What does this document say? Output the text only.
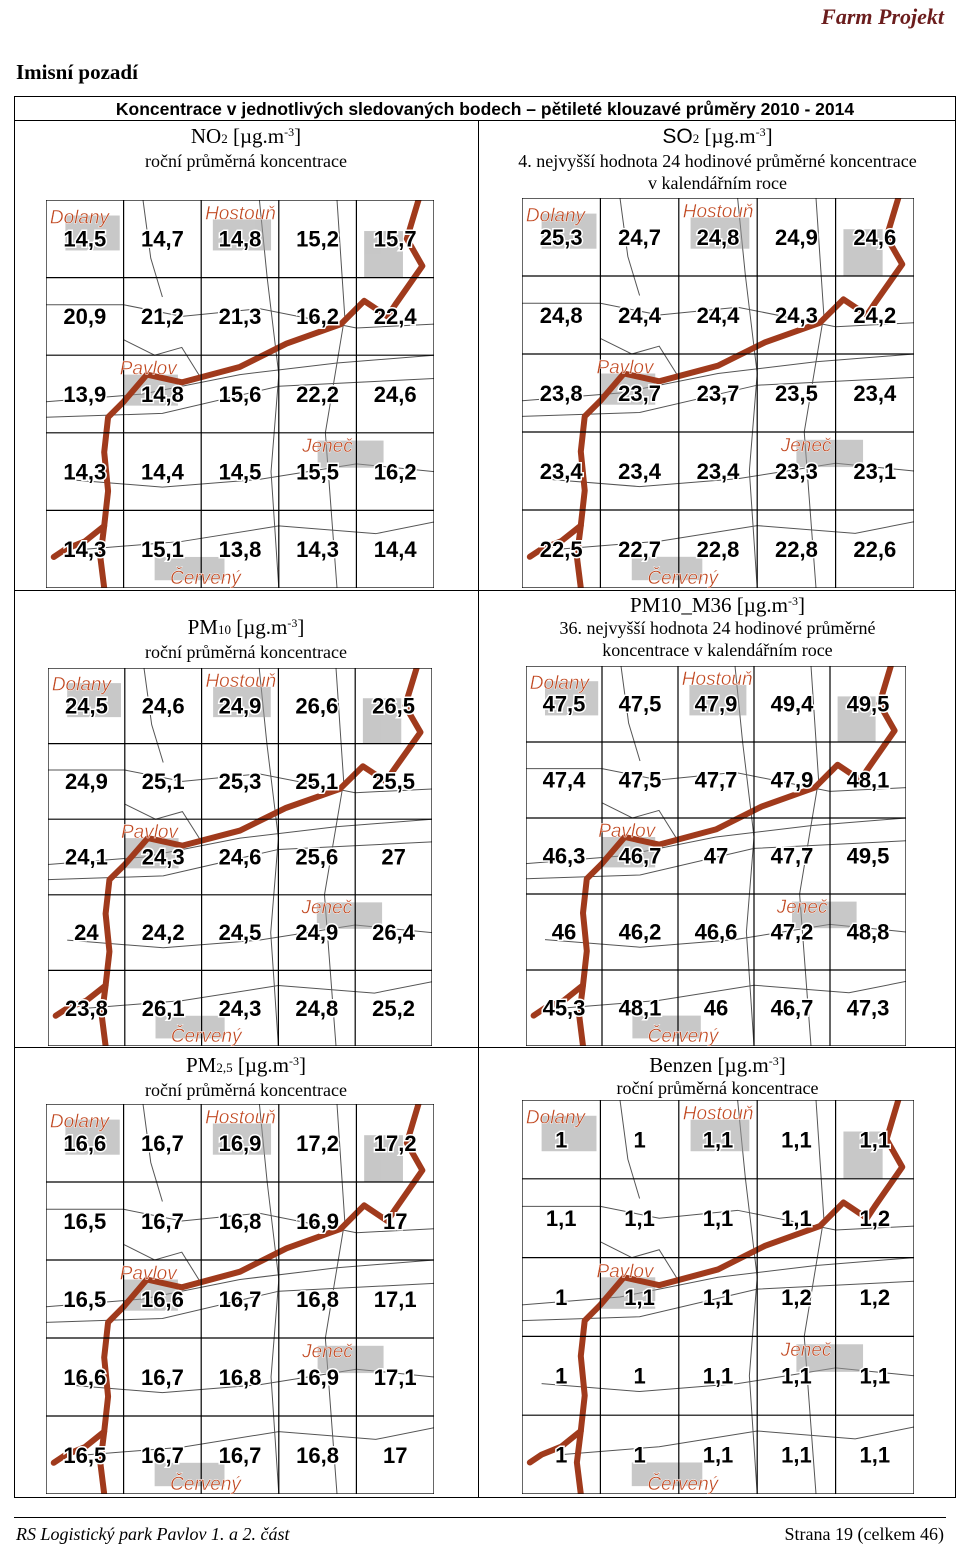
Farm Projekt
Imisní pozadí
Koncentrace v jednotlivých sledovaných bodech – pětileté klouzavé průměry 2010 - 2014
NO2 $[\mu g.m^{-3}]$
roční průměrná koncentrace
Dolany	Hostouň
Pavlov
Jeneč
Červený
14,5 14,7 14,8 15,2 15,7
20,9 21,2 21,3 16,2 22,4
13,9 14,8 15,6 22,2 24,6
14,3 14,4 14,5 15,5 16,2
14,3 15,1 13,8 14,3 14,4
SO2 $[\mu g.m^{-3}]$
4. nejvyšší hodnota 24 hodinové průměrné koncentrace
v kalendářním roce
Dolany	Hostouň
Pavlov
Jeneč
Červený
25,3 24,7 24,8 24,9 24,6
24,8 24,4 24,4 24,3 24,2
23,8 23,7 23,7 23,5 23,4
23,4 23,4 23,4 23,3 23,1
22,5 22,7 22,8 22,8 22,6
PM10 $[\mu g.m^{-3}]$
roční průměrná koncentrace
Dolany	Hostouň
Pavlov
Jeneč
Červený
24,5 24,6 24,9 26,6 26,5
24,9 25,1 25,3 25,1 25,5
24,1 24,3 24,6 25,6 27
24 24,2 24,5 24,9 26,4
23,8 26,1 24,3 24,8 25,2
PM10_M36 $[\mu g.m^{-3}]$
36. nejvyšší hodnota 24 hodinové průměrné
koncentrace v kalendářním roce
Dolany	Hostouň
Pavlov
Jeneč
Červený
47,5 47,5 47,9 49,4 49,5
47,4 47,5 47,7 47,9 48,1
46,3 46,7 47 47,7 49,5
46 46,2 46,6 47,2 48,8
45,3 48,1 46 46,7 47,3
PM2,5 $[\mu g.m^{-3}]$
roční průměrná koncentrace
Dolany	Hostouň
Pavlov
Jeneč
Červený
16,6 16,7 16,9 17,2 17,2
16,5 16,7 16,8 16,9 17
16,5 16,6 16,7 16,8 17,1
16,6 16,7 16,8 16,9 17,1
16,5 16,7 16,7 16,8 17
Benzen $[\mu g.m^{-3}]$
roční průměrná koncentrace
Dolany	Hostouň
Pavlov
Jeneč
Červený
1	1	1,1 1,1 1,1
1,1 1,1 1,1 1,1 1,2
1	1,1 1,1 1,2 1,2
1	1	1,1 1,1 1,1
1	1	1,1 1,1 1,1
RS Logistický park Pavlov 1. a 2. část	Strana 19 (celkem 46)
